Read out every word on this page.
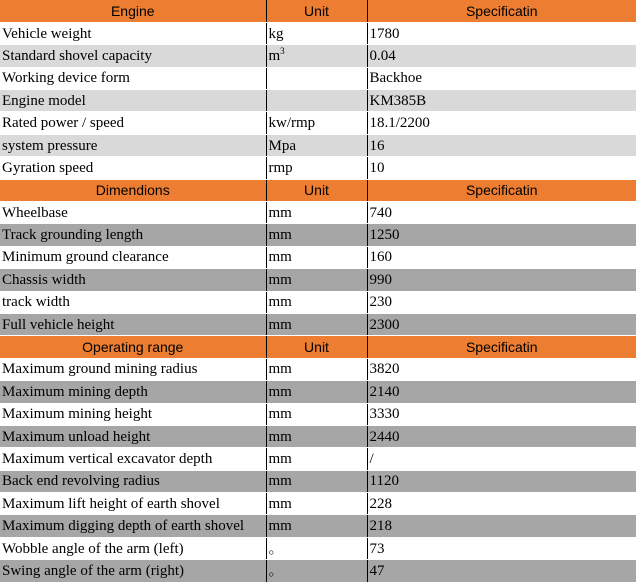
Engine	Unit	Specificatin
Vehicle weight	kg	1780
Standard shovel capacity	$m^3$	0.04
Working device form		Backhoe
Engine model		KM385B
Rated power / speed	kw/rmp	18.1/2200
system pressure	Mpa	16
Gyration speed	rmp	10
Dimendions	Unit	Specificatin
Wheelbase	mm	740
Track grounding length	mm	1250
Minimum ground clearance	mm	160
Chassis width	mm	990
track width	mm	230
Full vehicle height	mm	2300
Operating range	Unit	Specificatin
Maximum ground mining radius	mm	3820
Maximum mining depth	mm	2140
Maximum mining height	mm	3330
Maximum unload height	mm	2440
Maximum vertical excavator depth	mm	/
Back end revolving radius	mm	1120
Maximum lift height of earth shovel	mm	228
Maximum digging depth of earth shovel	mm	218
Wobble angle of the arm (left)	。	73
Swing angle of the arm (right)	。	47
